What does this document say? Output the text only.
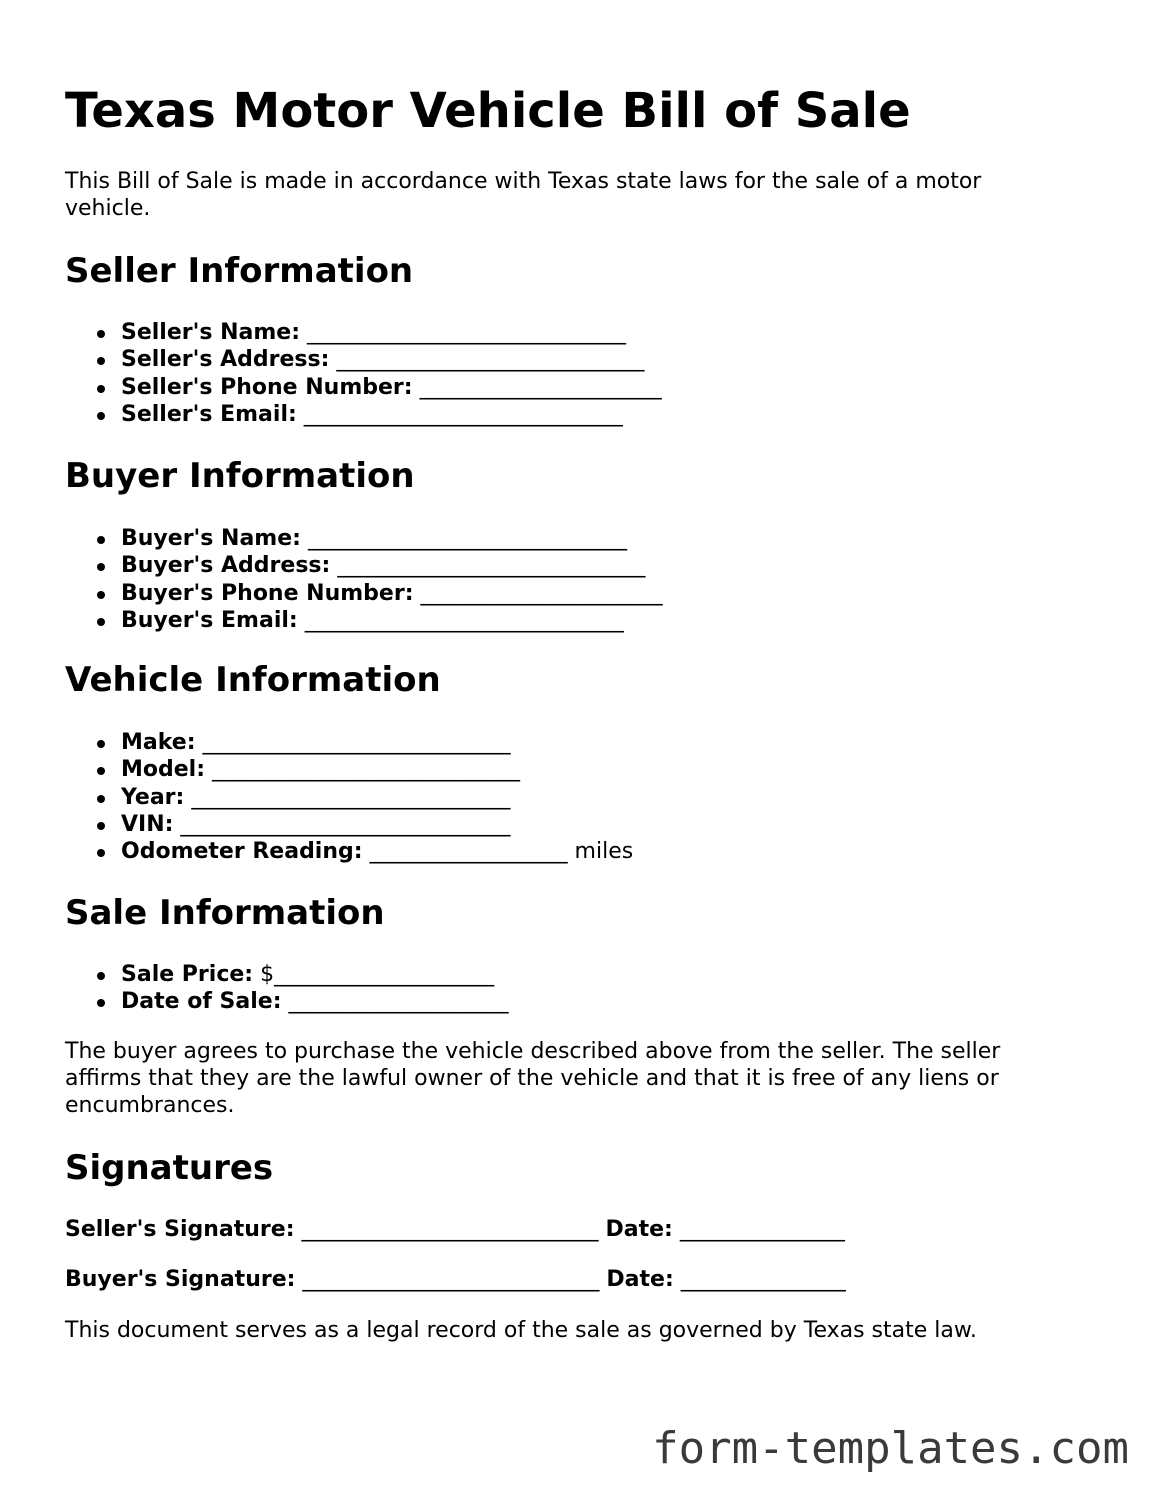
Texas Motor Vehicle Bill of Sale

This Bill of Sale is made in accordance with Texas state laws for the sale of a motor vehicle.

Seller Information
Seller's Name: _____________________________
Seller's Address: ____________________________
Seller's Phone Number: ______________________
Seller's Email: _____________________________
Buyer Information
Buyer's Name: _____________________________
Buyer's Address: ____________________________
Buyer's Phone Number: ______________________
Buyer's Email: _____________________________
Vehicle Information
Make: ____________________________
Model: ____________________________
Year: _____________________________
VIN: ______________________________
Odometer Reading: __________________ miles
Sale Information
Sale Price: $____________________
Date of Sale: ____________________

The buyer agrees to purchase the vehicle described above from the seller. The seller affirms that they are the lawful owner of the vehicle and that it is free of any liens or encumbrances.

Signatures
Seller's Signature: ___________________________ Date: _______________
Buyer's Signature: ___________________________ Date: _______________

This document serves as a legal record of the sale as governed by Texas state law.

form-templates.com
